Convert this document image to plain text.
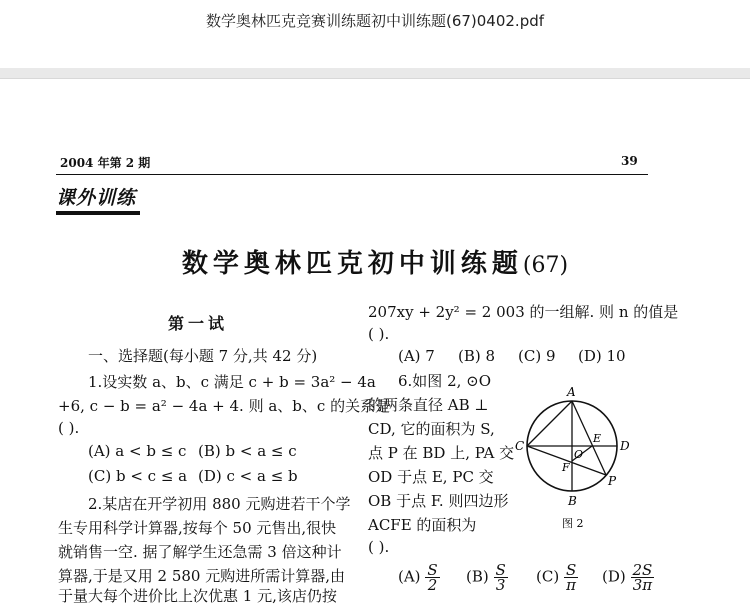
数学奥林匹克竞赛训练题初中训练题(67)0402.pdf
2004 年第 2 期	39
课外训练
数学奥林匹克初中训练题(67)
第一试
一、选择题(每小题 7 分,共 42 分)
1.设实数 a、b、c 满足 c + b = 3a² − 4a
+6, c − b = a² − 4a + 4. 则 a、b、c 的关系是
( ).
(A) a < b ≤ c (B) b < a ≤ c
(C) b < c ≤ a (D) c < a ≤ b
2.某店在开学初用 880 元购进若干个学
生专用科学计算器,按每个 50 元售出,很快
就销售一空. 据了解学生还急需 3 倍这种计
算器,于是又用 2 580 元购进所需计算器,由
于量大每个进价比上次优惠 1 元,该店仍按
207xy + 2y² = 2 003 的一组解. 则 n 的值是
( ).
(A) 7 (B) 8 (C) 9 (D) 10
6.如图 2, ⊙O
的两条直径 AB ⊥
CD, 它的面积为 S,
点 P 在 BD 上, PA 交
OD 于点 E, PC 交
OB 于点 F. 则四边形
ACFE 的面积为
( ).
$(A) \frac{S}{2} (B) \frac{S}{3} (C) \frac{S}{\pi} (D) \frac{2S}{3\pi}$
A
B
C	D
O
E
F
P
图 2
